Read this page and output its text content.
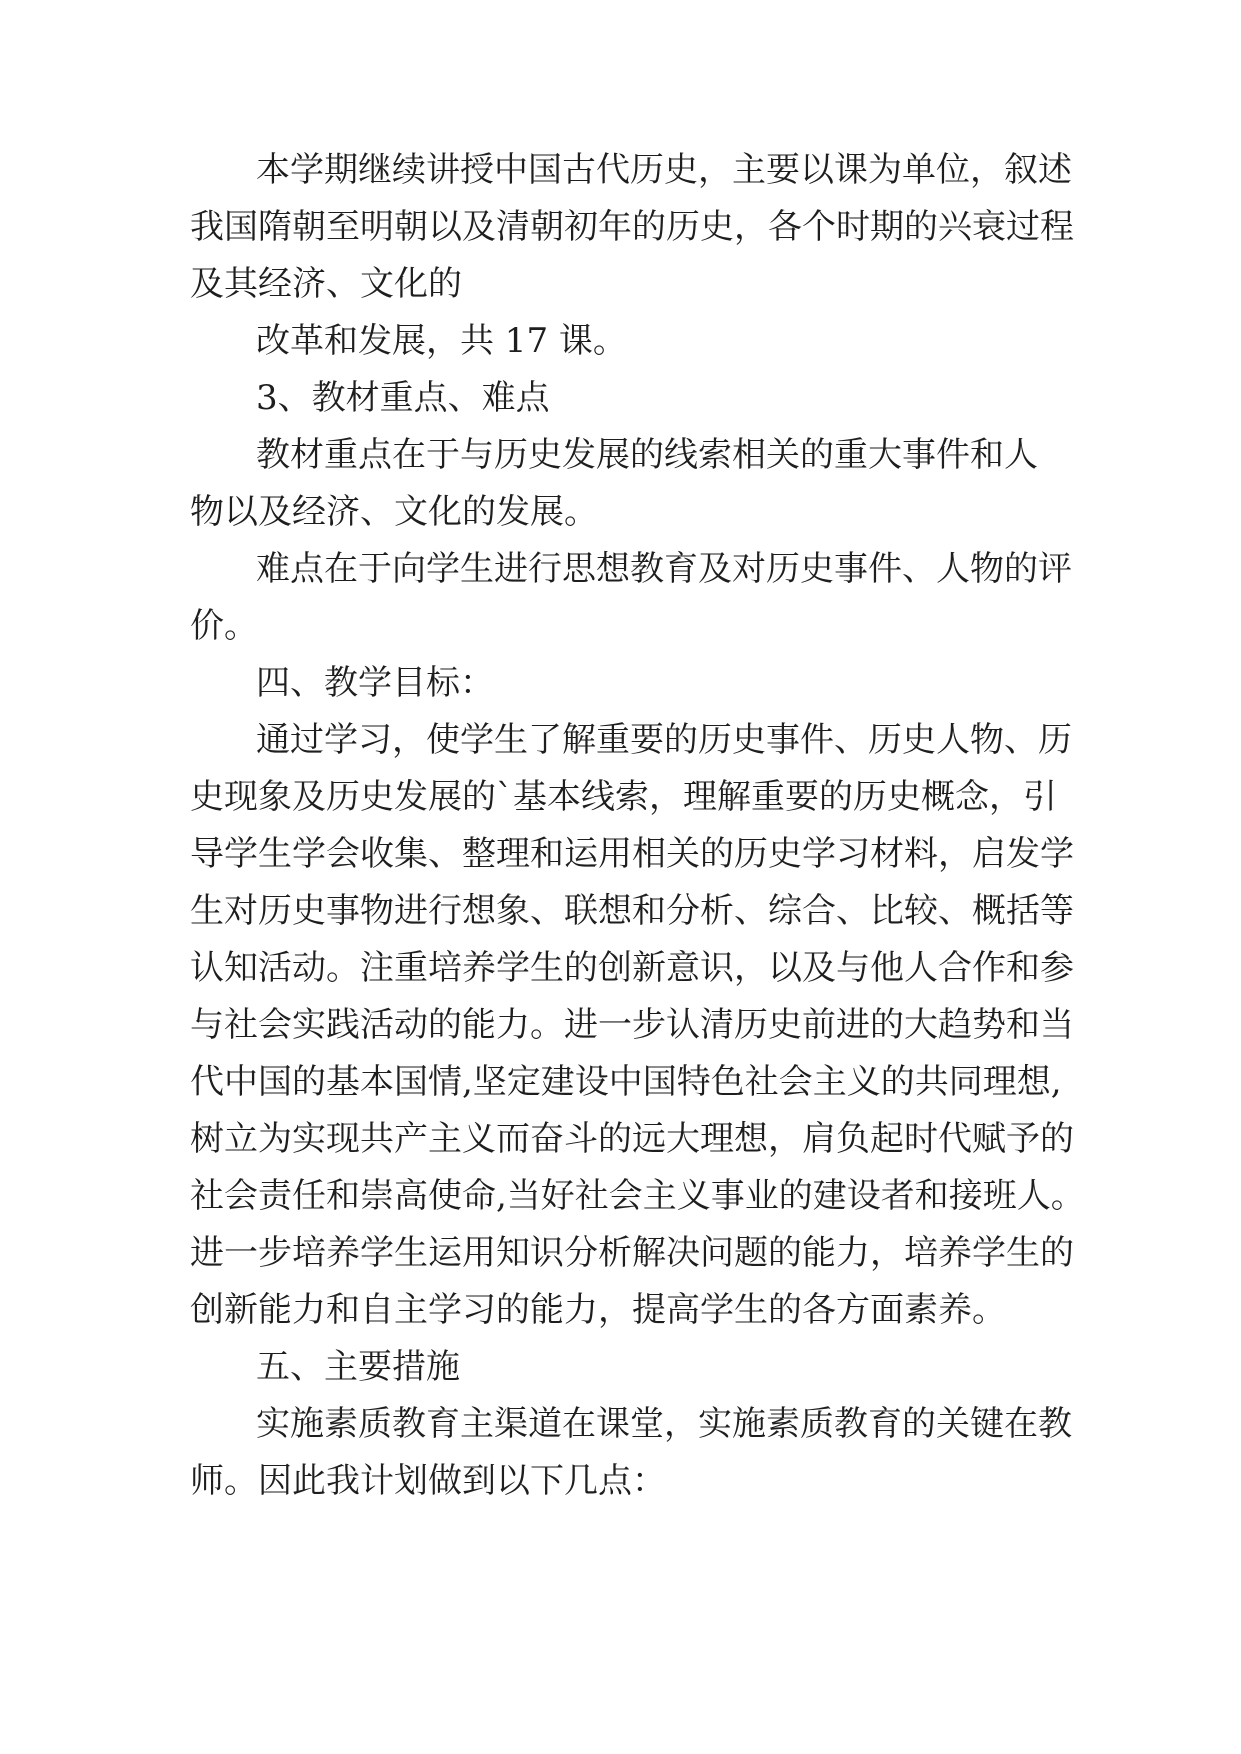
本学期继续讲授中国古代历史，主要以课为单位，叙述
我国隋朝至明朝以及清朝初年的历史，各个时期的兴衰过程
及其经济、文化的
改革和发展，共 17 课。
3、教材重点、难点
教材重点在于与历史发展的线索相关的重大事件和人
物以及经济、文化的发展。
难点在于向学生进行思想教育及对历史事件、人物的评
价。
四、教学目标：
通过学习，使学生了解重要的历史事件、历史人物、历
史现象及历史发展的`基本线索，理解重要的历史概念，引
导学生学会收集、整理和运用相关的历史学习材料，启发学
生对历史事物进行想象、联想和分析、综合、比较、概括等
认知活动。注重培养学生的创新意识，以及与他人合作和参
与社会实践活动的能力。进一步认清历史前进的大趋势和当
代中国的基本国情,坚定建设中国特色社会主义的共同理想,
树立为实现共产主义而奋斗的远大理想，肩负起时代赋予的
社会责任和崇高使命,当好社会主义事业的建设者和接班人。
进一步培养学生运用知识分析解决问题的能力，培养学生的
创新能力和自主学习的能力，提高学生的各方面素养。
五、主要措施
实施素质教育主渠道在课堂，实施素质教育的关键在教
师。因此我计划做到以下几点：
